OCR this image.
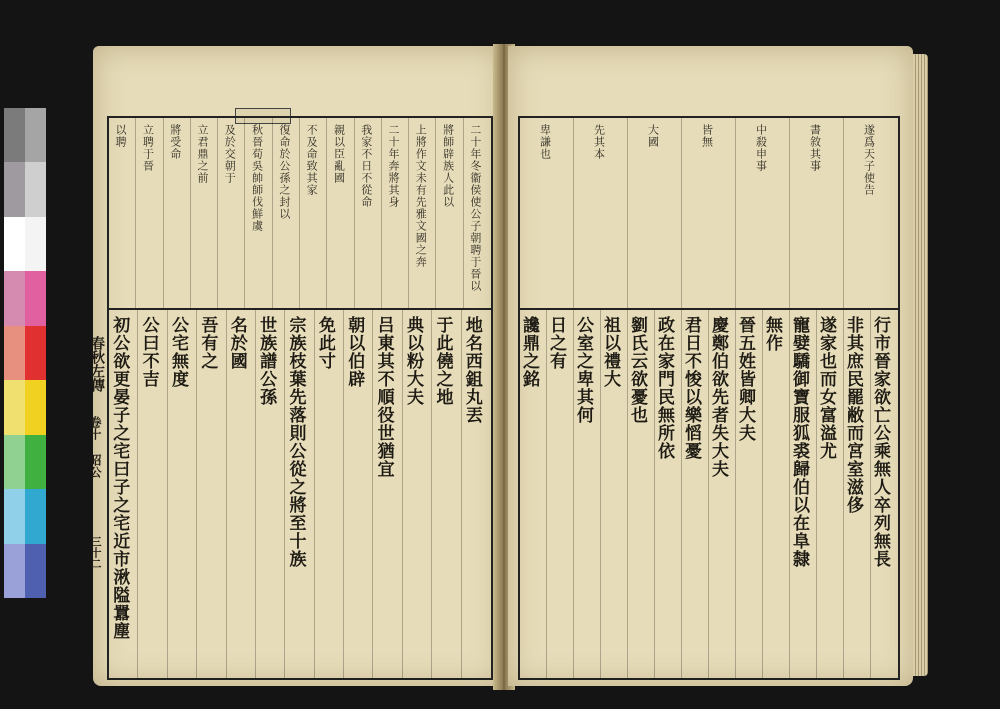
二十年冬衞侯使公子朝聘于晉以
將師辟族人此以
上將作文未有先雅文國之奔
二十年奔將其身
我家不日不從命
親以臣亂國
不及命致其家
復命於公孫之封以
秋晉荀吳帥師伐鮮虞
及於交朝于
立君鼎之前
將受命
立聘于晉
以聘
地名西鉏丸丟
于此僥之地
典以粉大夫
吕東其不順役世猶宜
朝以伯辟
免此寸
宗族枝葉先落則公從之將至十族
世族譜公孫
名於國
吾有之
公宅無度
公曰不吉
初公欲更晏子之宅曰子之宅近市湫隘囂塵
春秋左傳
卷十 昭公
三十二
遂爲天子使告
書敘其事
中殺申事
皆無
大國
先其本
卑謙也
行市晉家欲亡公乘無人卒列無長
非其庶民罷敝而宮室滋侈
遂家也而女富溢尤
寵嬖驕御寶服狐裘歸伯以在阜隸
無作
晉五姓皆卿大夫
慶鄭伯欲先者失大夫
君日不悛以樂慆憂
政在家門民無所依
劉氏云欲憂也
祖以禮大
公室之卑其何
日之有
讒鼎之銘
